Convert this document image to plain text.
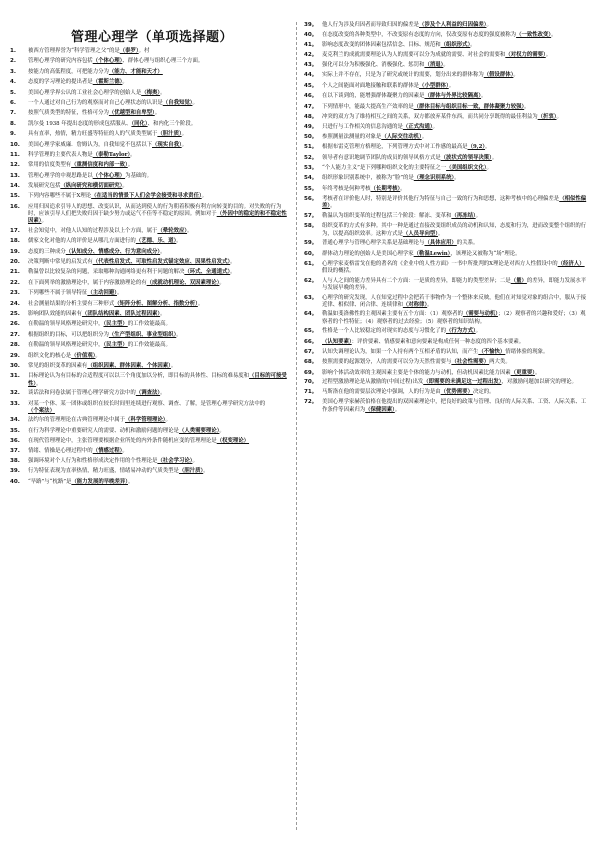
管理心理学（单项选择题）
1.	被西方管理界誉为“科学管理之父”的是（泰罗）。村
2.	管理心理学的研究内容包括（个体心理）、群体心理与组织心理三个方面。
3.	按能力的高低程度，可把能力分为（能力、才能和天才）
4.	态度的学习理论的提出者是（霍斯兰德）。
5.	美国心理学界公认的工业社会心理学的创始人是（梅奥）。
6.	一个人通过对自己行为的观察而对自己心理状态的认识是（自我知觉）。
7.	按照气质类型的特征，性格可分为（优越型和自卑型）。
8.	凯尔曼 1938 年提出态度的形成包括服从、（同化）、和内化三个阶段。
9.	具有直率，热情，精力旺盛等特征的人的气质类型属于（胆汁质）。
10.	美国心理学家威廉．詹姆认为，自我知觉不包括以下（现实自我）。
11.	科学管理的主要代表人物是（泰勒Taylor）。
12.	常用的信度类型有（重测信度和内部一致）。
13.	管理心理学的中观思路是以（个体心理）为基础的。
14.	发展研究包括（纵向研究和横切面研究）。
15.	下列内容哪些不属于X理论（在适当的情景下人们会学会接受和寻求责任）。
16.	应用归因追求引导人的思想、改变认识，从而达到使人的行为朝着积极有利方向转变的目的。对失败的行为时，应该引导人们把失败归因于缺少努力或运气不佳等不稳定的原因。例如对于（外因中的稳定的和不稳定性因素）。
17.	社会知觉中，对他人认知的过程涉及以上个方面，属于（晕轮效应）。
18.	儒家文化对他的人的评价是从哪几方面进行的（艺德、乐、道）。
19.	态度的三种成分（认知成分、情感成分、行为意向成分）。
20.	决策判断中常见的启发式有（代表性启发式、可取性启发式锚定效应、因果性启发式）。
21.	勒温曾以比较复杂的问题，采取哪种沟通网络更有利于问题的解决（环式、全通道式）。
22.	在下面列举的激励理论中，属于内容激励理论的有（成就动机理论、双因素理论）。
23.	下列哪些不属于领导特征（主动回避）。
24.	社会测量结果的分析主要有三种形式（矩阵分析、图解分析、指数分析）。
25.	影响团队效能的因素有（团队结构因素、团队过程因素）。
26.	在勒温的领导风格理论研究中，（民主型）的工作效能最高。
27.	根据组织的目标，可以把组织分为（生产型组织、事业型组织）。
28.	在勒温的领导风格理论研究中，（民主型）的工作效能最高。
29.	组织文化的核心是（价值观）。
30.	常见的组织变革的因素有（组织因素、群体因素、个体因素）。
31.	目标理论认为有目标的合适程度可以以三个角度加以分析，即目标的具体性、目标的难易度和（目标的可接受性）。
32.	谈话法和问卷法属于管理心理学研究方法中的（调查法）。
33.	对某一个体、某一团体或组织在较长时间里连续进行观察、调查、了解，是管理心理学研究方法中的（个案法）
34.	法约尔的管理理论在古典管理理论中属于（科学管理理论）。
35.	在行为科学理论中重要研究人的需要、动机和激励问题的理论是（人类需要理论）。
36.	在现代管理理论中，主张管理要根据企业所处的内外条件随机应变的管理理论是（权变理论）
37.	情绪、情操是心理过程中的（情感过程）。
38.	强调环境对个人行为和性格形成决定作用的个性理论是（社会学习论）。
39.	行为特征表现为直率热情，精力旺盛，情绪易冲动的气质类型是（胆汁质）。
40.	“旱路”与“枕路”是（能力发展的早晚差异）。
39。 他人行为涉及归因者而导致归因的偏差是（涉及个人利益的归因偏差）。
40。 在态度改变的各种类型中，不改变原有态度的方向，仅改变原有态度的强度被称为（一致性改变）。
41。 影响态度改变的团体因素包括信念、目标、规范和（组织形式）。
42。 麦克利兰的成就需要理论认为人的需要可以分为成就的需要、对社会的需要和（对权力的需要）。
43。 强化可以分为积极强化、消极强化、惩罚和（消退）。
44。 实际上并不存在，只是为了研究或统计的需要，划分出来的群体称为（假设群体）。
45。 个人之间能面对面地接触和联系的群体是（小型群体）。
46。 在以下谈到的，能增强群体凝聚力的因素是（群体与外界比较隔离）。
47。 下列情形中，能最大提高生产效率的是（群体目标与组织目标一致，群体凝聚力较强）。
48。 冲突的双方为了维持相互之间的关系，双方都放弃某件东西，而共同分享既得的最佳利益为（折衷）。
49。 只进行与工作相关的信息沟通的是（正式沟通）。
50。 参照测量法测量的对象是（人际交往动机）。
51。 根据布雷克管理方格理论，下列管理方式中对工作感的最高是（9,2）。
52。 领导者有意识地调节团队的成员的领导风格方式是（波状式的领导决策）。
53。 “个人能力主义”是下列哪种组织文化的主要特征之一（美国组织文化）。
54。 组织形象识别系统中，被称为“脸”的是（理念识别系统）。
55。 年终考核是何种考核（长期考核）。
56。 考核者在评价他人时，特别是评价其他行为特征与自己一致的行为和思想，这种考核中的心理偏差是（相似性偏差）。
57。 勒温认为组织变革的过程包括三个阶段：解冻、变革和（再冻结）。
58。 组织变革的方式有多种。其中一种是通过直接改变组织成员的动机和认知，态度和行为，进而改变整个组织的行为，以提高组织效率。这种方式是（人员导向型）。
59。 普通心理学与管理心理学关系是基础理论与（具体应用）的关系。
60。 群体动力理论的创始人是美国心理学家（勒温Lewin），该理论又被称为“场”理论。
61。 心理学家麦格雷戈在他的著名的《企业中的人性方面》一书中所批判的X理论是对西方人性假设中的（经济人）假设的概括。
62。 人与人之间的能力差异具有二个方面：一是质的差异，即能力的类型差异；二是（量）的差异，即能力发展水平与发展早晚的差异。
63。 心理学的研究发现，人在知觉过程中会把若干事物作为一个整体来反映，他们在对知觉对象的组合中，服从于接近律、相似律、闭合律、连续律和（对称律）。
64。 勒温如斐洛佛性的主观因素主要有五个方面：（1）观察者的（需要与动机）；（2）观察者的兴趣和爱好；（3）观察者的个性特征；（4）观察者的过去经验；（5）观察者的知识结构。
65。 性格是一个人比较稳定的对现实的态度与习惯化了的（行为方式）。
66。 （认知要素）：评价要素、情感要素和意向要素是构成任何一种态度的四个基本要素。
67。 认知失调理论认为，如果一个人持有两个互相矛盾的认知，而产生（不愉快）情绪体验的现象。
68。 按照需要的起源划分，人的需要可以分为天然性需要与（社会性需要）两大类。
69。 影响个体活动效率的主观因素主要是个体的能力与动机，但动机因素比能力因素（更重要）。
70。 过程型激励理论是从激励的(中间过程)出发（即需要的未满足这一过程出发），对激励问题加以研究的理论。
71。 马斯洛在他的需要层次理论中强调，人的行为是由（优势需要）决定的。
72。 美国心理学家赫茨伯格在他提出的双因素理论中，把良好的政策与管理、良好的人际关系、工资、人际关系、工作条件等因素归为（保健因素）。
